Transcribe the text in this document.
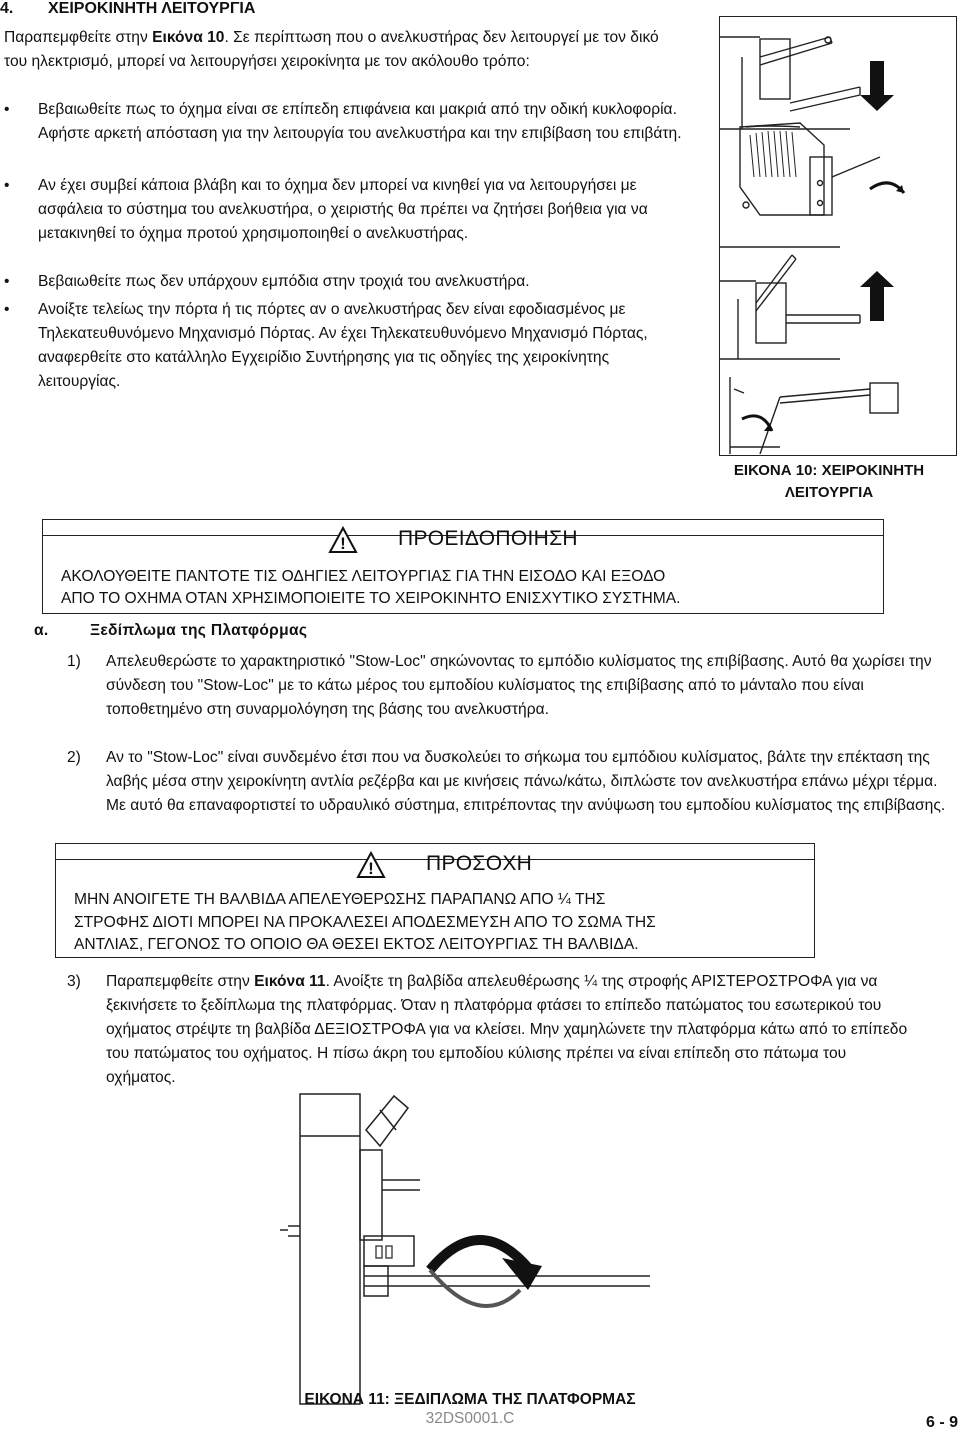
4. ΧΕΙΡΟΚΙΝΗΤΗ ΛΕΙΤΟΥΡΓΙΑ
Παραπεμφθείτε στην Εικόνα 10. Σε περίπτωση που ο ανελκυστήρας δεν λειτουργεί με τον δικό του ηλεκτρισμό, μπορεί να λειτουργήσει χειροκίνητα με τον ακόλουθο τρόπο:
• Βεβαιωθείτε πως το όχημα είναι σε επίπεδη επιφάνεια και μακριά από την οδική κυκλοφορία. Αφήστε αρκετή απόσταση για την λειτουργία του ανελκυστήρα και την επιβίβαση του επιβάτη.
• Αν έχει συμβεί κάποια βλάβη και το όχημα δεν μπορεί να κινηθεί για να λειτουργήσει με ασφάλεια το σύστημα του ανελκυστήρα, ο χειριστής θα πρέπει να ζητήσει βοήθεια για να μετακινηθεί το όχημα προτού χρησιμοποιηθεί ο ανελκυστήρας.
• Βεβαιωθείτε πως δεν υπάρχουν εμπόδια στην τροχιά του ανελκυστήρα.
• Ανοίξτε τελείως την πόρτα ή τις πόρτες αν ο ανελκυστήρας δεν είναι εφοδιασμένος με Τηλεκατευθυνόμενο Μηχανισμό Πόρτας. Αν έχει Τηλεκατευθυνόμενο Μηχανισμό Πόρτας, αναφερθείτε στο κατάλληλο Εγχειρίδιο Συντήρησης για τις οδηγίες της χειροκίνητης λειτουργίας.
ΕΙΚΟΝΑ 10: ΧΕΙΡΟΚΙΝΗΤΗ
ΛΕΙΤΟΥΡΓΙΑ
! ΠΡΟΕΙΔΟΠΟΙΗΣΗ
ΑΚΟΛΟΥΘΕΙΤΕ ΠΑΝΤΟΤΕ ΤΙΣ ΟΔΗΓΙΕΣ ΛΕΙΤΟΥΡΓΙΑΣ ΓΙΑ ΤΗΝ ΕΙΣΟΔΟ ΚΑΙ ΕΞΟΔΟ
ΑΠΟ ΤΟ ΟΧΗΜΑ ΟΤΑΝ ΧΡΗΣΙΜΟΠΟΙΕΙΤΕ ΤΟ ΧΕΙΡΟΚΙΝΗΤΟ ΕΝΙΣΧΥΤΙΚΟ ΣΥΣΤΗΜΑ.
α.	Ξεδίπλωμα της Πλατφόρμας
1) Απελευθερώστε το χαρακτηριστικό "Stow-Loc" σηκώνοντας το εμπόδιο κυλίσματος της επιβίβασης. Αυτό θα χωρίσει την σύνδεση του "Stow-Loc" με το κάτω μέρος του εμποδίου κυλίσματος της επιβίβασης από το μάνταλο που είναι τοποθετημένο στη συναρμολόγηση της βάσης του ανελκυστήρα.
2) Αν το "Stow-Loc" είναι συνδεμένο έτσι που να δυσκολεύει το σήκωμα του εμπόδιου κυλίσματος, βάλτε την επέκταση της λαβής μέσα στην χειροκίνητη αντλία ρεζέρβα και με κινήσεις πάνω/κάτω, διπλώστε τον ανελκυστήρα επάνω μέχρι τέρμα. Με αυτό θα επαναφορτιστεί το υδραυλικό σύστημα, επιτρέποντας την ανύψωση του εμποδίου κυλίσματος της επιβίβασης.
! ΠΡΟΣΟΧΗ
ΜΗΝ ΑΝΟΙΓΕΤΕ ΤΗ ΒΑΛΒΙΔΑ ΑΠΕΛΕΥΘΕΡΩΣΗΣ ΠΑΡΑΠΑΝΩ ΑΠΟ ¼ ΤΗΣ
ΣΤΡΟΦΗΣ ΔΙΟΤΙ ΜΠΟΡΕΙ ΝΑ ΠΡΟΚΑΛΕΣΕΙ ΑΠΟΔΕΣΜΕΥΣΗ ΑΠΟ ΤΟ ΣΩΜΑ ΤΗΣ
ΑΝΤΛΙΑΣ, ΓΕΓΟΝΟΣ ΤΟ ΟΠΟΙΟ ΘΑ ΘΕΣΕΙ ΕΚΤΟΣ ΛΕΙΤΟΥΡΓΙΑΣ ΤΗ ΒΑΛΒΙΔΑ.
3) Παραπεμφθείτε στην Εικόνα 11. Ανοίξτε τη βαλβίδα απελευθέρωσης ¼ της στροφής ΑΡΙΣΤΕΡΟΣΤΡΟΦΑ για να ξεκινήσετε το ξεδίπλωμα της πλατφόρμας. Όταν η πλατφόρμα φτάσει το επίπεδο πατώματος του εσωτερικού του οχήματος στρέψτε τη βαλβίδα ΔΕΞΙΟΣΤΡΟΦΑ για να κλείσει. Μην χαμηλώνετε την πλατφόρμα κάτω από το επίπεδο του πατώματος του οχήματος. Η πίσω άκρη του εμποδίου κύλισης πρέπει να είναι επίπεδη στο πάτωμα του οχήματος.
ΕΙΚΟΝΑ 11: ΞΕΔΙΠΛΩΜΑ ΤΗΣ ΠΛΑΤΦΟΡΜΑΣ
6 - 9
32DS0001.C
